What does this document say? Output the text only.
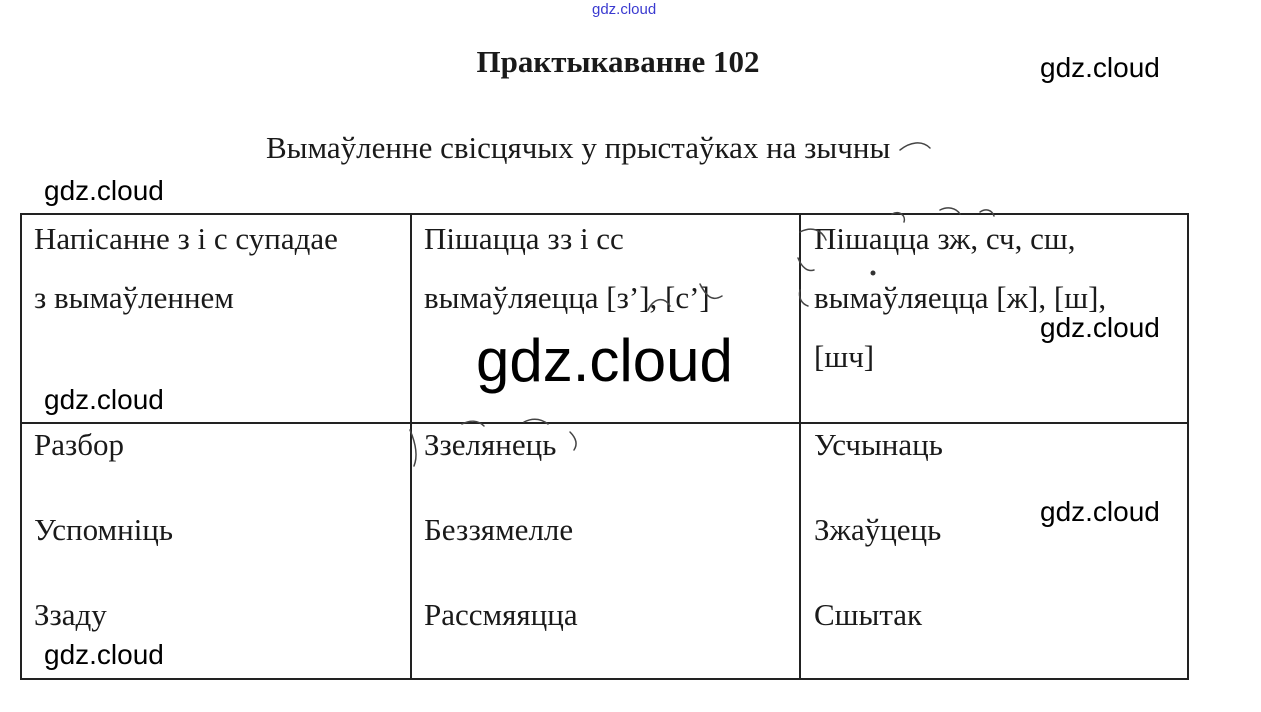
gdz.cloud
gdz.cloud
gdz.cloud
Практыкаванне 102
Вымаўленне свісцячых у прыстаўках на зычны

Напісанне з і с супадае

з вымаўленнем

Пішацца зз і сс

вымаўляецца [з’], [с’]

Пішацца зж, сч, сш,

вымаўляецца [ж], [ш],

[шч]

Разбор

Успомніць

Ззаду

Ззелянець

Беззямелле

Рассмяяцца

Усчынаць

Зжаўцець

Сшытак

gdz.cloud
gdz.cloud
gdz.cloud
gdz.cloud
gdz.cloud
